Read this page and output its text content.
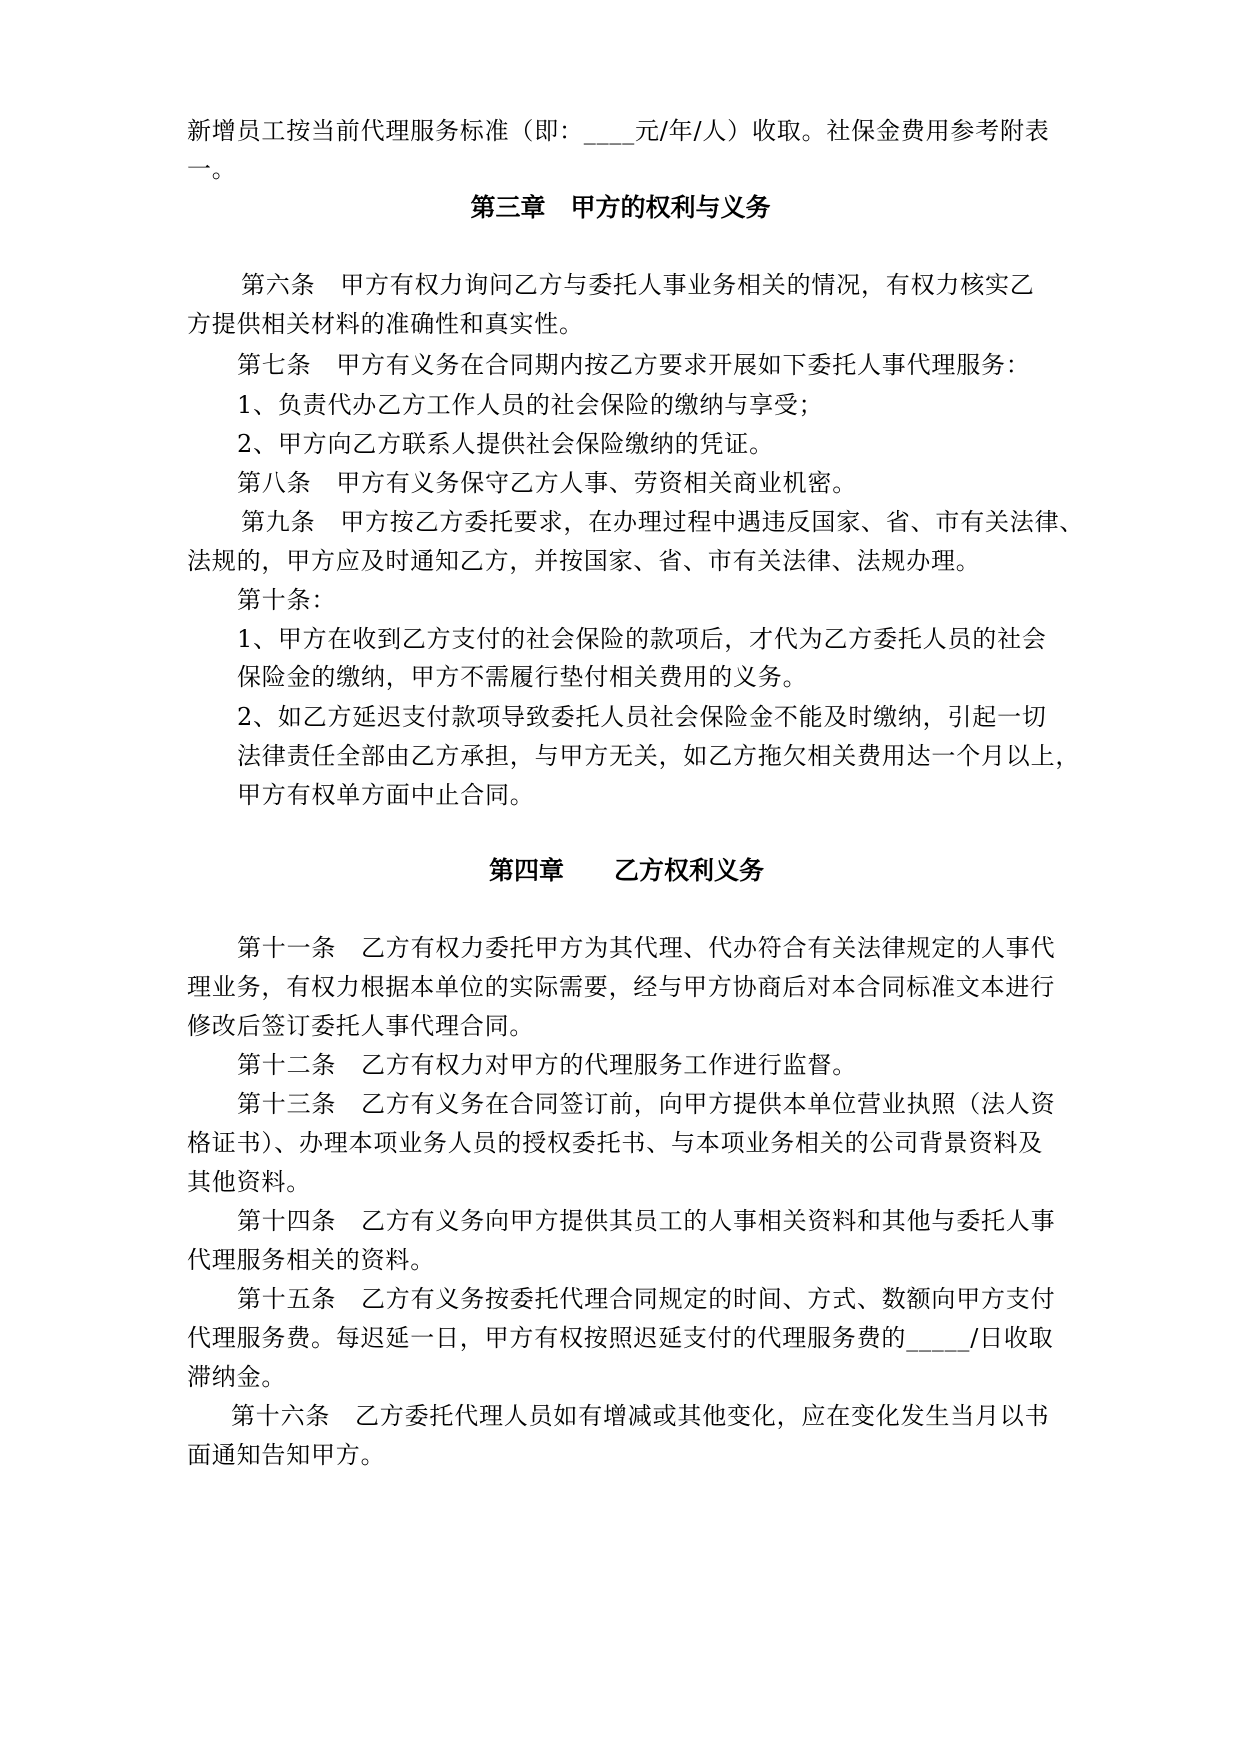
新增员工按当前代理服务标准（即：____元/年/人）收取。社保金费用参考附表
一。
第三章　甲方的权利与义务
第六条　甲方有权力询问乙方与委托人事业务相关的情况，有权力核实乙
方提供相关材料的准确性和真实性。
第七条　甲方有义务在合同期内按乙方要求开展如下委托人事代理服务：
1、负责代办乙方工作人员的社会保险的缴纳与享受；
2、甲方向乙方联系人提供社会保险缴纳的凭证。
第八条　甲方有义务保守乙方人事、劳资相关商业机密。
第九条　甲方按乙方委托要求，在办理过程中遇违反国家、省、市有关法律、
法规的，甲方应及时通知乙方，并按国家、省、市有关法律、法规办理。
第十条：
1、甲方在收到乙方支付的社会保险的款项后，才代为乙方委托人员的社会
保险金的缴纳，甲方不需履行垫付相关费用的义务。
2、如乙方延迟支付款项导致委托人员社会保险金不能及时缴纳，引起一切
法律责任全部由乙方承担，与甲方无关，如乙方拖欠相关费用达一个月以上，
甲方有权单方面中止合同。
第四章　　乙方权利义务
第十一条　乙方有权力委托甲方为其代理、代办符合有关法律规定的人事代
理业务，有权力根据本单位的实际需要，经与甲方协商后对本合同标准文本进行
修改后签订委托人事代理合同。
第十二条　乙方有权力对甲方的代理服务工作进行监督。
第十三条　乙方有义务在合同签订前，向甲方提供本单位营业执照（法人资
格证书）、办理本项业务人员的授权委托书、与本项业务相关的公司背景资料及
其他资料。
第十四条　乙方有义务向甲方提供其员工的人事相关资料和其他与委托人事
代理服务相关的资料。
第十五条　乙方有义务按委托代理合同规定的时间、方式、数额向甲方支付
代理服务费。每迟延一日，甲方有权按照迟延支付的代理服务费的_____/日收取
滞纳金。
第十六条　乙方委托代理人员如有增减或其他变化，应在变化发生当月以书
面通知告知甲方。
